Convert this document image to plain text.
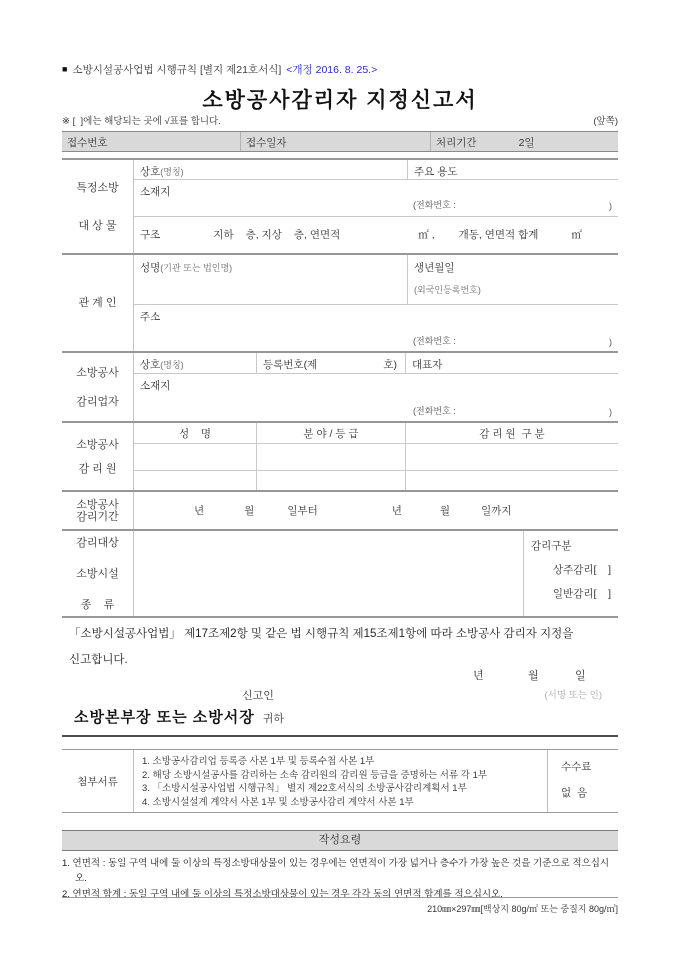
■ 소방시설공사업법 시행규칙 [별지 제21호서식] <개정 2016. 8. 25.>
소방공사감리자 지정신고서
※ [  ]에는 해당되는 곳에 √표를 합니다.	(앞쪽)
접수번호	접수일자	처리기간	2일
특정소방
대 상 물
상호(명칭)	주요 용도
소재지
(전화번호 :	)
구조	지하 층, 지상 층, 연면적	㎡ , 개동, 연면적 합계	㎡
관 계 인
성명(기관 또는 법인명)	생년월일
(외국인등록번호)
주소
(전화번호 :	)
소방공사
감리업자
상호(명칭)	등록번호(제	호)	대표자
소재지
(전화번호 :	)
소방공사
감 리 원
성    명	분 야 / 등 급	감 리 원  구 분
소방공사
감리기간	년	월	일부터	년	월	일까지
감리대상
소방시설
종    류
감리구분
상주감리[    ]
일반감리[    ]
「소방시설공사업법」 제17조제2항 및 같은 법 시행규칙 제15조제1항에 따라 소방공사 감리자 지정을
신고합니다.
년	월	일
신고인	(서명 또는 인)
소방본부장 또는 소방서장 귀하
첨부서류
1. 소방공사감리업 등록증 사본 1부 및 등록수첩 사본 1부
2. 해당 소방시설공사를 감리하는 소속 감리원의 감리원 등급을 증명하는 서류 각 1부
3. 「소방시설공사업법 시행규칙」 별지 제22호서식의 소방공사감리계획서 1부
4. 소방시설설계 계약서 사본 1부 및 소방공사감리 계약서 사본 1부
수수료
없  음
작성요령
1. 연면적 : 동일 구역 내에 둘 이상의 특정소방대상물이 있는 경우에는 연면적이 가장 넓거나 층수가 가장 높은 것을 기준으로 적으십시오.
2. 연면적 합계 : 동일 구역 내에 둘 이상의 특정소방대상물이 있는 경우 각각 동의 연면적 합계를 적으십시오.
210㎜×297㎜[백상지 80g/㎡ 또는 중질지 80g/㎡]
